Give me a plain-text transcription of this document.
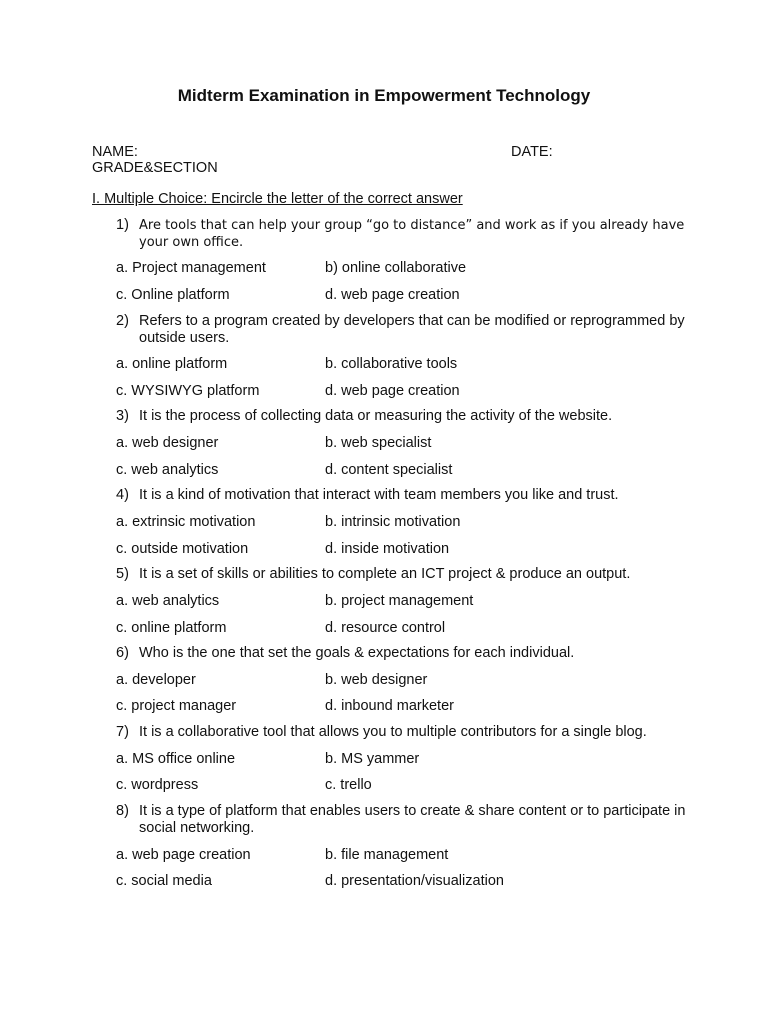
Midterm Examination in Empowerment Technology
NAME:	DATE:
GRADE&SECTION
I. Multiple Choice: Encircle the letter of the correct answer
1) Are tools that can help your group “go to distance” and work as if you already have your own office.
a. Project management	b) online collaborative
c. Online platform	d. web page creation
2) Refers to a program created by developers that can be modified or reprogrammed by outside users.
a. online platform	b. collaborative tools
c. WYSIWYG platform	d. web page creation
3) It is the process of collecting data or measuring the activity of the website.
a. web designer	b. web specialist
c. web analytics	d. content specialist
4) It is a kind of motivation that interact with team members you like and trust.
a. extrinsic motivation	b. intrinsic motivation
c. outside motivation	d. inside motivation
5) It is a set of skills or abilities to complete an ICT project & produce an output.
a. web analytics	b. project management
c. online platform	d. resource control
6) Who is the one that set the goals & expectations for each individual.
a. developer	b. web designer
c. project manager	d. inbound marketer
7) It is a collaborative tool that allows you to multiple contributors for a single blog.
a. MS office online	b. MS yammer
c. wordpress	c. trello
8) It is a type of platform that enables users to create & share content or to participate in social networking.
a. web page creation	b. file management
c. social media	d. presentation/visualization
